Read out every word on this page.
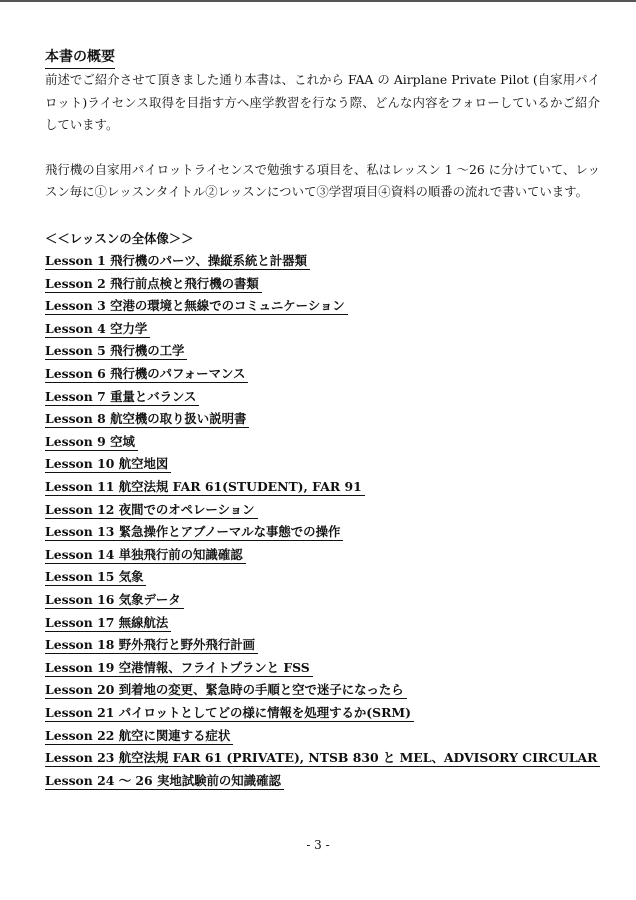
本書の概要

前述でご紹介させて頂きました通り本書は、これから FAA の Airplane Private Pilot (自家用パイロット)ライセンス取得を目指す方へ座学教習を行なう際、どんな内容をフォローしているかご紹介しています。

飛行機の自家用パイロットライセンスで勉強する項目を、私はレッスン 1 ～26 に分けていて、レッスン毎に①レッスンタイトル②レッスンについて③学習項目④資料の順番の流れで書いています。

＜＜レッスンの全体像＞＞
Lesson 1 飛行機のパーツ、操縦系統と計器類
Lesson 2 飛行前点検と飛行機の書類
Lesson 3 空港の環境と無線でのコミュニケーション
Lesson 4 空力学
Lesson 5 飛行機の工学
Lesson 6 飛行機のパフォーマンス
Lesson 7 重量とバランス
Lesson 8 航空機の取り扱い説明書
Lesson 9 空域
Lesson 10 航空地図
Lesson 11 航空法規 FAR 61(STUDENT), FAR 91
Lesson 12 夜間でのオペレーション
Lesson 13 緊急操作とアブノーマルな事態での操作
Lesson 14 単独飛行前の知識確認
Lesson 15 気象
Lesson 16 気象データ
Lesson 17 無線航法
Lesson 18 野外飛行と野外飛行計画
Lesson 19 空港情報、フライトプランと FSS
Lesson 20 到着地の変更、緊急時の手順と空で迷子になったら
Lesson 21 パイロットとしてどの様に情報を処理するか(SRM)
Lesson 22 航空に関連する症状
Lesson 23 航空法規 FAR 61 (PRIVATE), NTSB 830 と MEL、ADVISORY CIRCULAR
Lesson 24 ～ 26 実地試験前の知識確認
- 3 -
